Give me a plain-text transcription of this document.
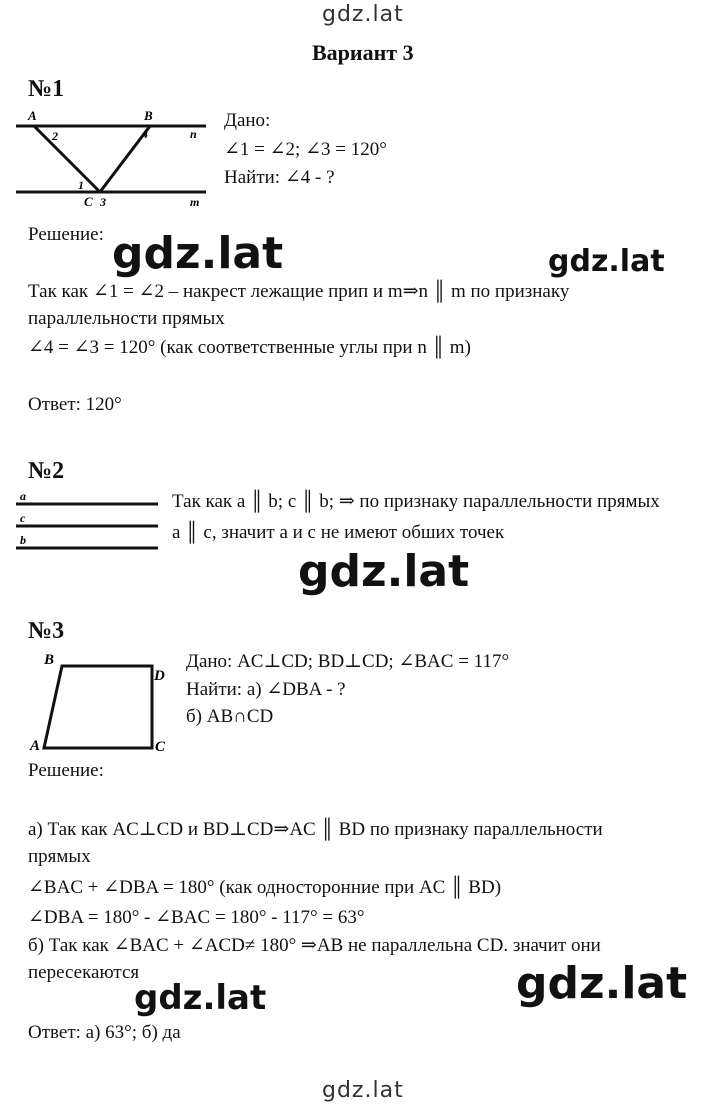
gdz.lat
Вариант 3
№1
A	B
n
m
2	4
1
C 3
Дано:
∠1 = ∠2; ∠3 = 120°
Найти: ∠4 - ?
Решение: gdz.lat	gdz.lat
Так как ∠1 = ∠2 – накрест лежащие прип и m⇒n ║ m по признаку
параллельности прямых
∠4 = ∠3 = 120° (как соответственные углы при n ║ m)
Ответ: 120°
№2
a
c
b
Так как a ║ b; c ║ b; ⇒ по признаку параллельности прямых
a ║ c, значит a и c не имеют обших точек
gdz.lat
№3
B
D
A	C
Дано: AC⊥CD; BD⊥CD; ∠BAC = 117°
Найти: а) ∠DBA - ?
б) AB∩CD
Решение:
а) Так как AC⊥CD и BD⊥CD⇒AC ║ BD по признаку параллельности
прямых
∠BAC + ∠DBA = 180° (как односторонние при AC ║ BD)
∠DBA = 180° - ∠BAC = 180° - 117° = 63°
б) Так как ∠BAC + ∠ACD≠ 180° ⇒AB не параллельна CD. значит они
пересекаются
gdz.lat	gdz.lat
Ответ: а) 63°; б) да
gdz.lat
